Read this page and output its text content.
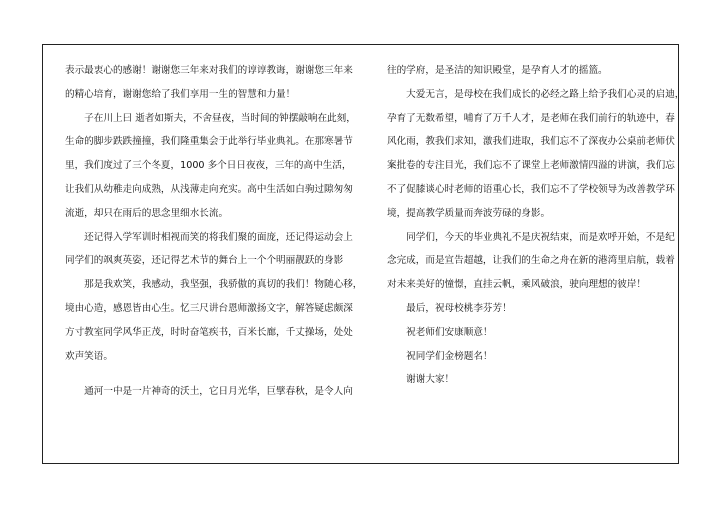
表示最衷心的感谢！谢谢您三年来对我们的谆谆教诲，谢谢您三年来
的精心培育，谢谢您给了我们享用一生的智慧和力量！
　　子在川上曰 逝者如斯夫，不舍昼夜，当时间的钟摆敲响在此刻，
生命的脚步跌跌撞撞，我们隆重集会于此举行毕业典礼。在那寒暑节
里，我们度过了三个冬夏，1000 多个日日夜夜，三年的高中生活，
让我们从幼稚走向成熟，从浅薄走向充实。高中生活如白驹过隙匆匆
流逝，却只在雨后的思念里细水长流。
　　还记得入学军训时相视而笑的将我们聚的面庞，还记得运动会上
同学们的飒爽英姿，还记得艺术节的舞台上一个个明丽靓跃的身影
　　那是我欢笑，我感动，我坚强，我骄傲的真切的我们！物随心移，
境由心造，感恩皆由心生。忆三尺讲台恩师激扬文字，解答疑虑颇深
方寸教室同学风华正茂，时时奋笔疾书，百米长廊，千丈操场，处处
欢声笑语。
　　通河一中是一片神奇的沃土，它日月光华，巨擘春秋，是令人向
往的学府，是圣洁的知识殿堂，是孕育人才的摇篮。
　　大爱无言，是母校在我们成长的必经之路上给予我们心灵的启迪，
孕育了无数希望，哺育了万千人才，是老师在我们前行的轨迹中，春
风化雨，教我们求知，激我们进取，我们忘不了深夜办公桌前老师伏
案批卷的专注目光，我们忘不了课堂上老师激情四溢的讲演，我们忘
不了促膝谈心时老师的语重心长，我们忘不了学校领导为改善教学环
境，提高教学质量而奔波劳碌的身影。
　　同学们，今天的毕业典礼不是庆祝结束，而是欢呼开始，不是纪
念完成，而是宣告超越，让我们的生命之舟在新的港湾里启航，载着
对未来美好的憧憬，直挂云帆，乘风破浪，驶向理想的彼岸！
　　最后，祝母校桃李芬芳！
　　祝老师们安康顺意！
　　祝同学们金榜题名！
　　谢谢大家！
